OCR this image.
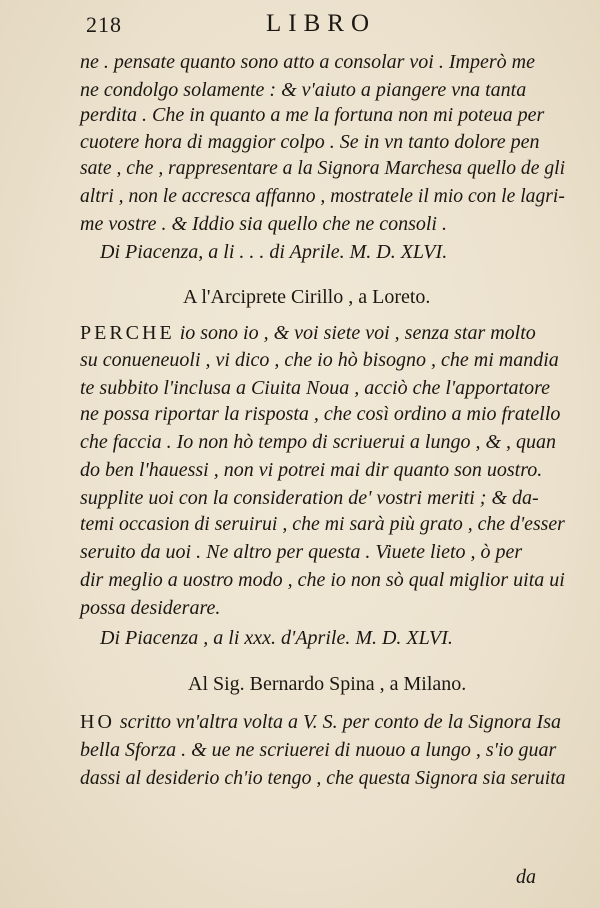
218	LIBRO
ne . pensate quanto sono atto a consolar voi . Imperò me
ne condolgo solamente : & v'aiuto a piangere vna tanta
perdita . Che in quanto a me la fortuna non mi poteua per
cuotere hora di maggior colpo . Se in vn tanto dolore pen
sate , che , rappresentare a la Signora Marchesa quello de gli
altri , non le accresca affanno , mostratele il mio con le lagri-
me vostre . & Iddio sia quello che ne consoli .
Di Piacenza, a li . . . di Aprile. M. D. XLVI.
A l'Arciprete Cirillo , a Loreto.
PERCHE io sono io , & voi siete voi , senza star molto
su conueneuoli , vi dico , che io hò bisogno , che mi mandia
te subbito l'inclusa a Ciuita Noua , acciò che l'apportatore
ne possa riportar la risposta , che così ordino a mio fratello
che faccia . Io non hò tempo di scriuerui a lungo , & , quan
do ben l'hauessi , non vi potrei mai dir quanto son uostro.
supplite uoi con la consideration de' vostri meriti ; & da-
temi occasion di seruirui , che mi sarà più grato , che d'esser
seruito da uoi . Ne altro per questa . Viuete lieto , ò per
dir meglio a uostro modo , che io non sò qual miglior uita ui
possa desiderare.
Di Piacenza , a li xxx. d'Aprile. M. D. XLVI.
Al Sig. Bernardo Spina , a Milano.
HO scritto vn'altra volta a V. S. per conto de la Signora Isa
bella Sforza . & ue ne scriuerei di nuouo a lungo , s'io guar
dassi al desiderio ch'io tengo , che questa Signora sia seruita
da
